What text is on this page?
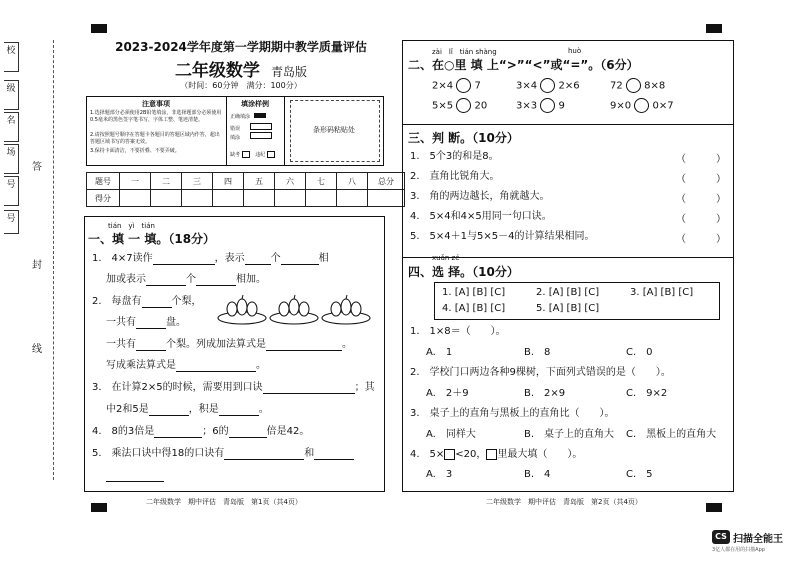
校
级
名
场
号
号
答
封
线
2023-2024学年度第一学期期中教学质量评估
二年级数学 青岛版
（时间：60分钟　满分：100分）
注意事项
1.选择题部分必须使用2B铅笔填涂，非选择题部分必须使用0.5毫米的黑色签字笔书写，字体工整、笔迹清楚。
2.请按照题号顺序在答题卡各题目的答题区域内作答，超出答题区域书写的答案无效。
3.保持卡面清洁，不要折叠、不要弄破。
填涂样例
正确填涂
错误
填涂
缺考	违纪
条形码粘贴处
题号	一	二	三	四	五	六	七	八	总分
得分									
tián　yì　tián
一、填 一 填。（18分）
1.　4×7读作	，表示	个	相
加或表示	个	相加。
2.　每盘有	个梨，
一共有	盘。
一共有	个梨。列成加法算式是	。
写成乘法算式是	。
3.　在计算2×5的时候，需要用到口诀	；其
中2和5是	，积是	。
4.　8的3倍是	；6的	倍是42。
5.　乘法口诀中得18的口诀有	和
二年级数学　期中评估　青岛版　第1页（共4页）
zài　lǐ　tián shàng	huò
二、在○里 填 上“>”“<”或“=”。（6分）
2×4 7	3×4 2×6	72 8×8
5×5 20	3×3 9	9×0 0×7
三、判 断。（10分）
1.　5个3的和是8。	（　　　）
2.　直角比锐角大。	（　　　）
3.　角的两边越长，角就越大。	（　　　）
4.　5×4和4×5用同一句口诀。	（　　　）
5.　5×4＋1与5×5－4的计算结果相同。	（　　　）
xuǎn zé
四、选 择。（10分）
1. [A] [B] [C]	2. [A] [B] [C]	3. [A] [B] [C]
4. [A] [B] [C]	5. [A] [B] [C]
1.　1×8＝（　　）。
A.　1	B.　8	C.　0
2.　学校门口两边各种9棵树，下面列式错误的是（　　）。
A.　2＋9	B.　2×9	C.　9×2
3.　桌子上的直角与黑板上的直角比（　　）。
A.　同样大	B.　桌子上的直角大 C.　黑板上的直角大
4.　5× <20， 里最大填（　　）。
A.　3	B.　4	C.　5
二年级数学　期中评估　青岛版　第2页（共4页）
CS 扫描全能王
3亿人都在用的扫描App
